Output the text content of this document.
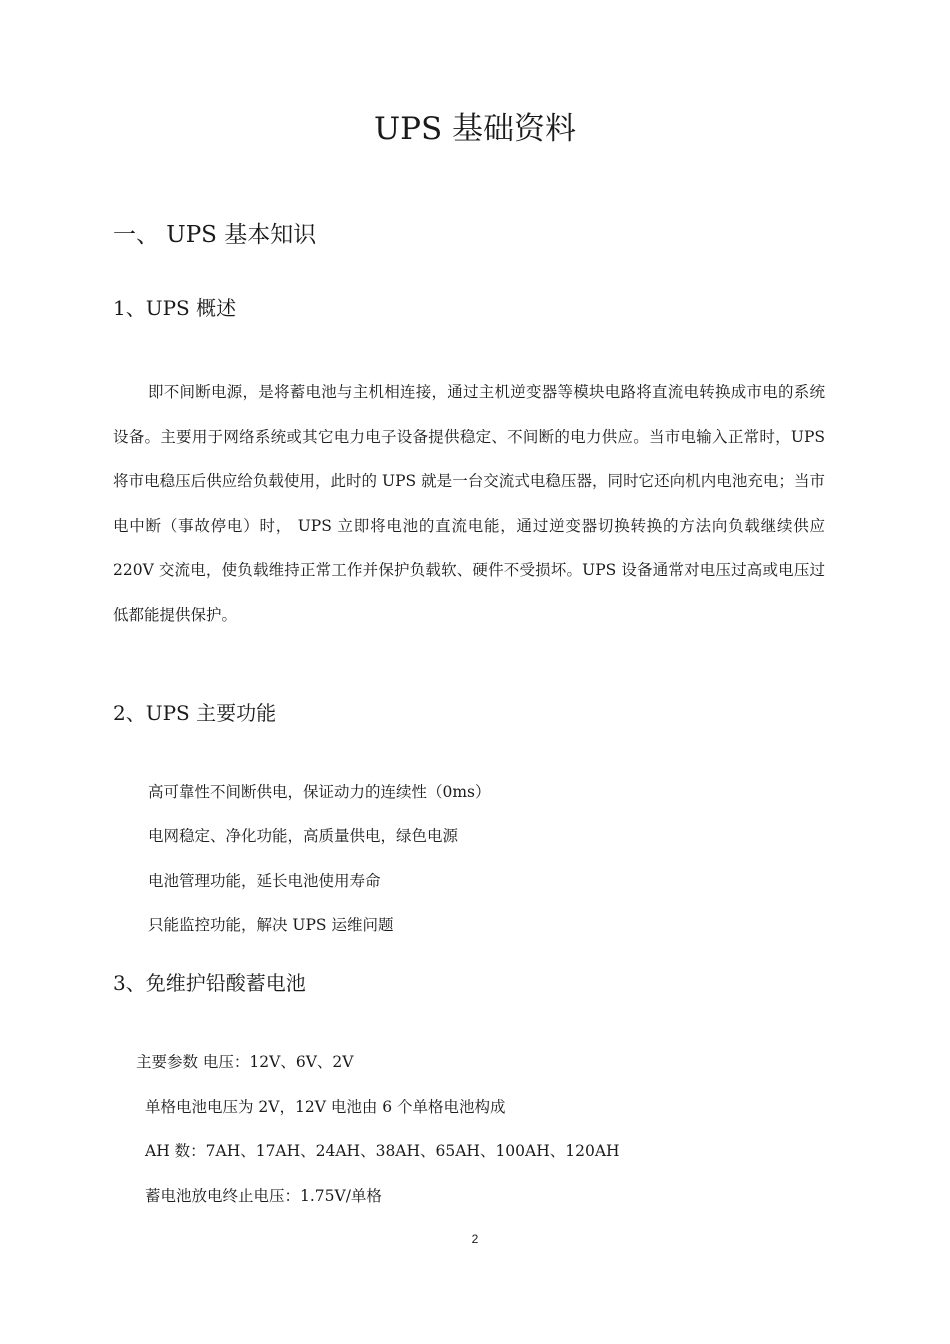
UPS 基础资料
一、 UPS 基本知识
1、UPS 概述

即不间断电源，是将蓄电池与主机相连接，通过主机逆变器等模块电路将直流电转换成市电的系统设备。主要用于网络系统或其它电力电子设备提供稳定、不间断的电力供应。当市电输入正常时，UPS 将市电稳压后供应给负载使用，此时的 UPS 就是一台交流式电稳压器，同时它还向机内电池充电；当市电中断（事故停电）时， UPS 立即将电池的直流电能，通过逆变器切换转换的方法向负载继续供应 220V 交流电，使负载维持正常工作并保护负载软、硬件不受损坏。UPS 设备通常对电压过高或电压过低都能提供保护。

2、UPS 主要功能
高可靠性不间断供电，保证动力的连续性（0ms）
电网稳定、净化功能，高质量供电，绿色电源
电池管理功能，延长电池使用寿命
只能监控功能，解决 UPS 运维问题
3、免维护铅酸蓄电池
主要参数 电压：12V、6V、2V
单格电池电压为 2V，12V 电池由 6 个单格电池构成
AH 数：7AH、17AH、24AH、38AH、65AH、100AH、120AH
蓄电池放电终止电压：1.75V/单格
2
